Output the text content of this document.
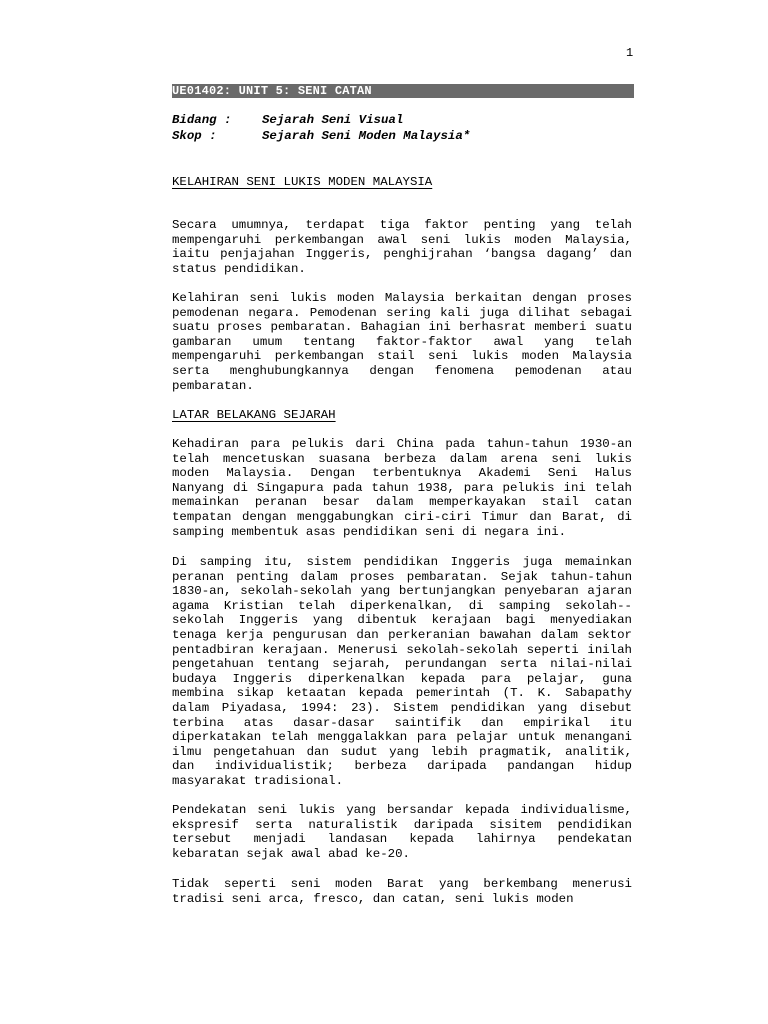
1
UE01402: UNIT 5: SENI CATAN
Bidang : Sejarah Seni Visual
Skop :	Sejarah Seni Moden Malaysia*
KELAHIRAN SENI LUKIS MODEN MALAYSIA

Secara umumnya, terdapat tiga faktor penting yang telah mempengaruhi perkembangan awal seni lukis moden Malaysia, iaitu penjajahan Inggeris, penghijrahan ‘bangsa dagang’ dan status pendidikan.

Kelahiran seni lukis moden Malaysia berkaitan dengan proses pemodenan negara. Pemodenan sering kali juga dilihat sebagai suatu proses pembaratan. Bahagian ini berhasrat memberi suatu gambaran umum tentang faktor-faktor awal yang telah mempengaruhi perkembangan stail seni lukis moden Malaysia serta menghubungkannya dengan fenomena pemodenan atau pembaratan.

LATAR BELAKANG SEJARAH

Kehadiran para pelukis dari China pada tahun-tahun 1930-an telah mencetuskan suasana berbeza dalam arena seni lukis moden Malaysia. Dengan terbentuknya Akademi Seni Halus Nanyang di Singapura pada tahun 1938, para pelukis ini telah memainkan peranan besar dalam memperkayakan stail catan tempatan dengan menggabungkan ciri-ciri Timur dan Barat, di samping membentuk asas pendidikan seni di negara ini.

Di samping itu, sistem pendidikan Inggeris juga memainkan peranan penting dalam proses pembaratan. Sejak tahun-tahun 1830-an, sekolah-sekolah yang bertunjangkan penyebaran ajaran agama Kristian telah diperkenalkan, di samping sekolah--sekolah Inggeris yang dibentuk kerajaan bagi menyediakan tenaga kerja pengurusan dan perkeranian bawahan dalam sektor pentadbiran kerajaan. Menerusi sekolah-sekolah seperti inilah pengetahuan tentang sejarah, perundangan serta nilai-nilai budaya Inggeris diperkenalkan kepada para pelajar, guna membina sikap ketaatan kepada pemerintah (T. K. Sabapathy dalam Piyadasa, 1994: 23). Sistem pendidikan yang disebut terbina atas dasar-dasar saintifik dan empirikal itu diperkatakan telah menggalakkan para pelajar untuk menangani ilmu pengetahuan dan sudut yang lebih pragmatik, analitik, dan individualistik; berbeza daripada pandangan hidup masyarakat tradisional.

Pendekatan seni lukis yang bersandar kepada individualisme, ekspresif serta naturalistik daripada sisitem pendidikan tersebut menjadi landasan kepada lahirnya pendekatan kebaratan sejak awal abad ke-20.

Tidak seperti seni moden Barat yang berkembang menerusi tradisi seni arca, fresco, dan catan, seni lukis moden
